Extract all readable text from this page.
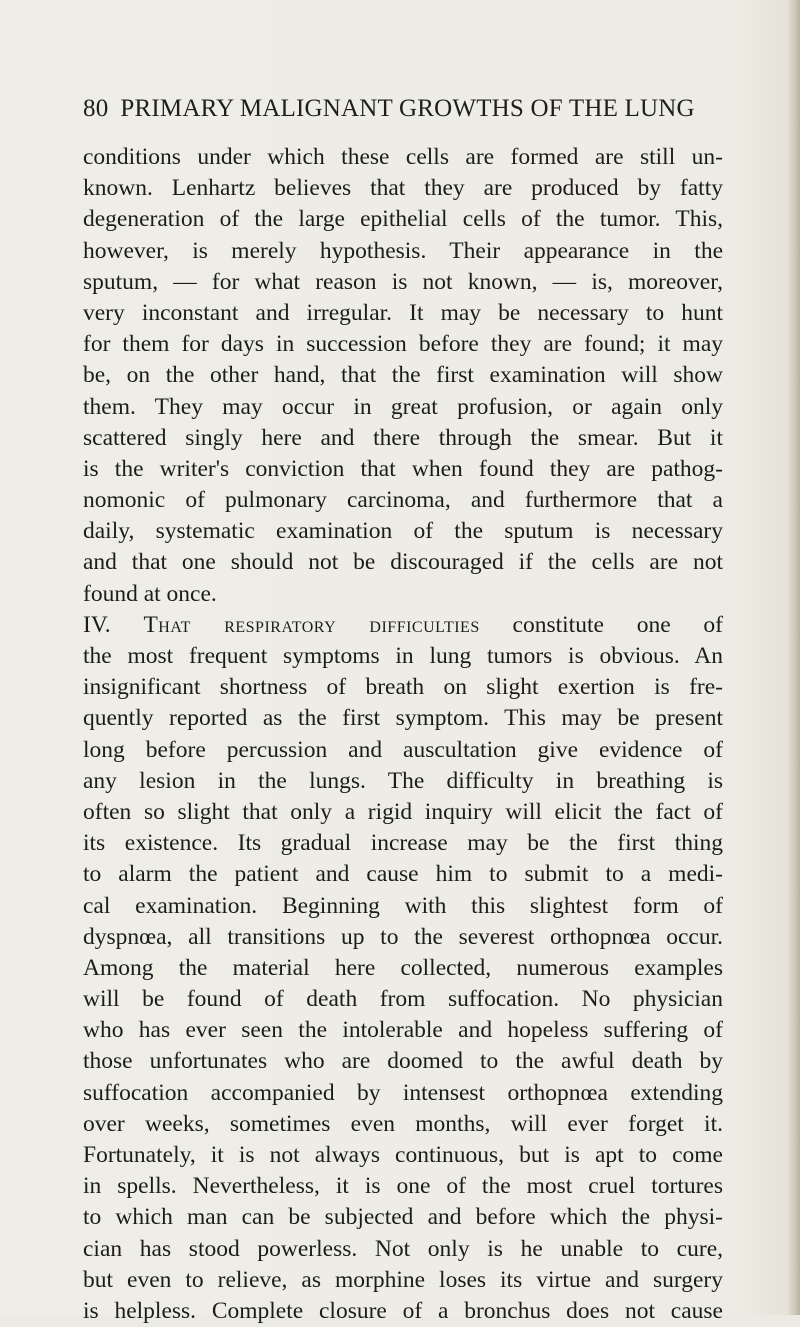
80 PRIMARY MALIGNANT GROWTHS OF THE LUNG
conditions under which these cells are formed are still un-
known. Lenhartz believes that they are produced by fatty
degeneration of the large epithelial cells of the tumor. This,
however, is merely hypothesis. Their appearance in the
sputum, — for what reason is not known, — is, moreover,
very inconstant and irregular. It may be necessary to hunt
for them for days in succession before they are found; it may
be, on the other hand, that the first examination will show
them. They may occur in great profusion, or again only
scattered singly here and there through the smear. But it
is the writer's conviction that when found they are pathog-
nomonic of pulmonary carcinoma, and furthermore that a
daily, systematic examination of the sputum is necessary
and that one should not be discouraged if the cells are not
found at once.
IV. That respiratory difficulties constitute one of
the most frequent symptoms in lung tumors is obvious. An
insignificant shortness of breath on slight exertion is fre-
quently reported as the first symptom. This may be present
long before percussion and auscultation give evidence of
any lesion in the lungs. The difficulty in breathing is
often so slight that only a rigid inquiry will elicit the fact of
its existence. Its gradual increase may be the first thing
to alarm the patient and cause him to submit to a medi-
cal examination. Beginning with this slightest form of
dyspnœa, all transitions up to the severest orthopnœa occur.
Among the material here collected, numerous examples
will be found of death from suffocation. No physician
who has ever seen the intolerable and hopeless suffering of
those unfortunates who are doomed to the awful death by
suffocation accompanied by intensest orthopnœa extending
over weeks, sometimes even months, will ever forget it.
Fortunately, it is not always continuous, but is apt to come
in spells. Nevertheless, it is one of the most cruel tortures
to which man can be subjected and before which the physi-
cian has stood powerless. Not only is he unable to cure,
but even to relieve, as morphine loses its virtue and surgery
is helpless. Complete closure of a bronchus does not cause
